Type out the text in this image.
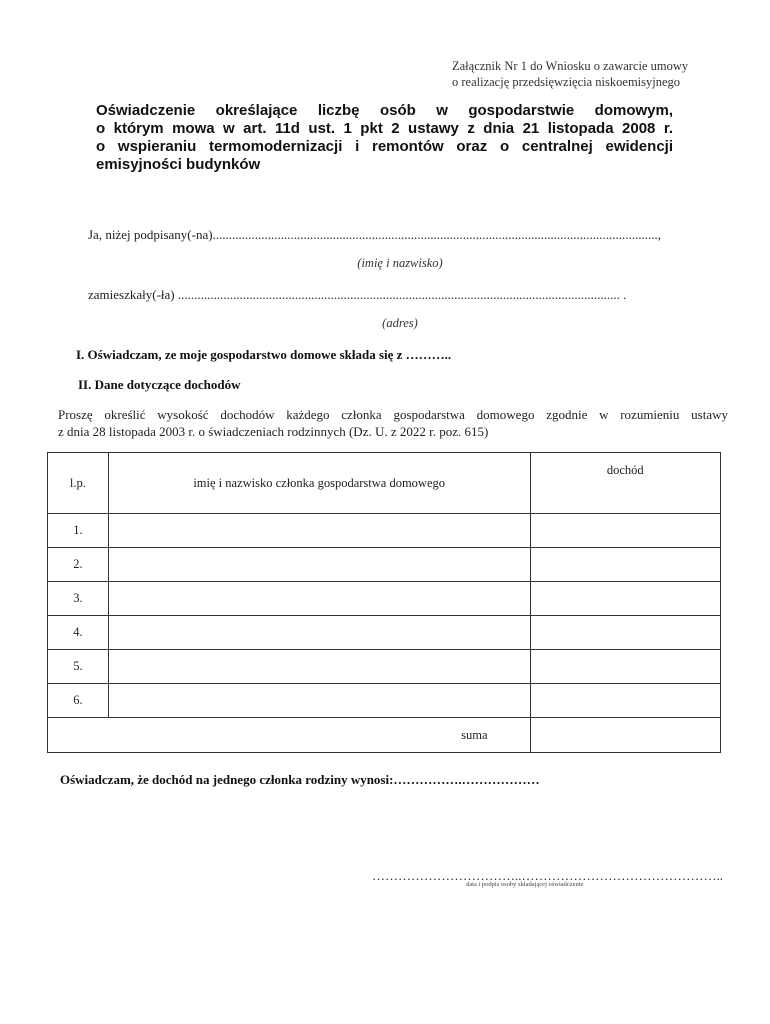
Załącznik Nr 1 do Wniosku o zawarcie umowy
o realizację przedsięwzięcia niskoemisyjnego
Oświadczenie określające liczbę osób w gospodarstwie domowym,
o którym mowa w art. 11d ust. 1 pkt 2 ustawy z dnia 21 listopada 2008 r.
o wspieraniu termomodernizacji i remontów oraz o centralnej ewidencji
emisyjności budynków
Ja, niżej podpisany(-na).........................................................................................................................................,
(imię i nazwisko)
zamieszkały(-ła) ........................................................................................................................................ .
(adres)
I. Oświadczam, ze moje gospodarstwo domowe składa się z ………..
II. Dane dotyczące dochodów
Proszę określić wysokość dochodów każdego członka gospodarstwa domowego zgodnie w rozumieniu ustawy
z dnia 28 listopada 2003 r. o świadczeniach rodzinnych (Dz. U. z 2022 r. poz. 615)
l.p.	imię i nazwisko członka gospodarstwa domowego	dochód
1.		
2.		
3.		
4.		
5.		
6.		
suma		
Oświadczam, że dochód na jednego członka rodziny wynosi:…………….………………
……………………………..………………………………………..
data i podpis osoby składającej oświadczenie
